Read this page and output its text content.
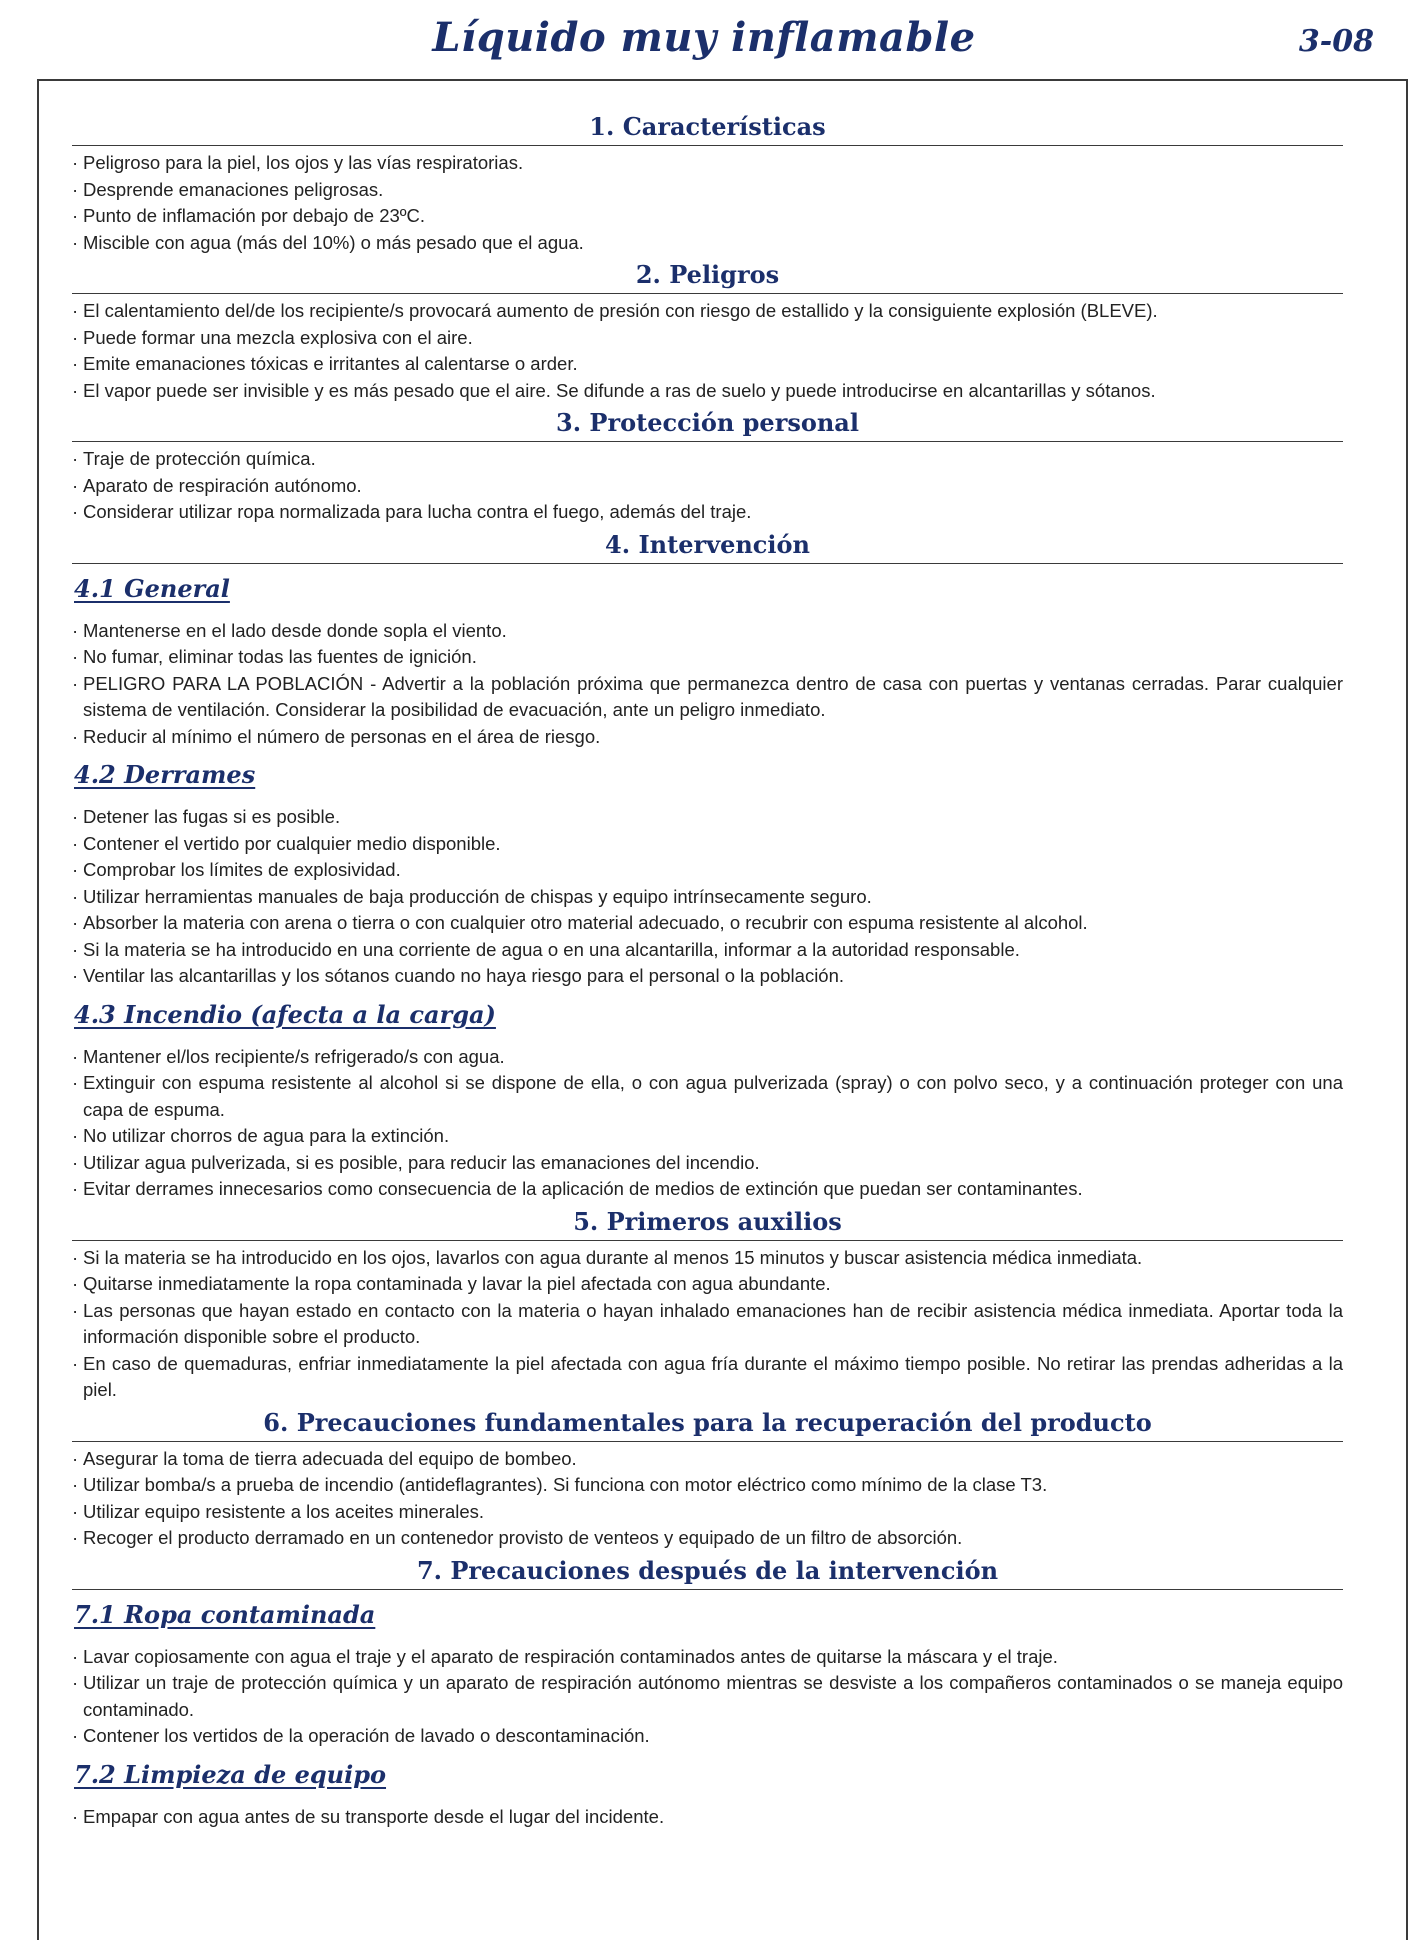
Líquido muy inflamable	3-08
1. Características
· Peligroso para la piel, los ojos y las vías respiratorias.
· Desprende emanaciones peligrosas.
· Punto de inflamación por debajo de 23ºC.
· Miscible con agua (más del 10%) o más pesado que el agua.
2. Peligros
· El calentamiento del/de los recipiente/s provocará aumento de presión con riesgo de estallido y la consiguiente explosión (BLEVE).
· Puede formar una mezcla explosiva con el aire.
· Emite emanaciones tóxicas e irritantes al calentarse o arder.
· El vapor puede ser invisible y es más pesado que el aire. Se difunde a ras de suelo y puede introducirse en alcantarillas y sótanos.
3. Protección personal
· Traje de protección química.
· Aparato de respiración autónomo.
· Considerar utilizar ropa normalizada para lucha contra el fuego, además del traje.
4. Intervención
4.1 General
· Mantenerse en el lado desde donde sopla el viento.
· No fumar, eliminar todas las fuentes de ignición.
· PELIGRO PARA LA POBLACIÓN - Advertir a la población próxima que permanezca dentro de casa con puertas y ventanas cerradas. Parar cualquier sistema de ventilación. Considerar la posibilidad de evacuación, ante un peligro inmediato.
· Reducir al mínimo el número de personas en el área de riesgo.
4.2 Derrames
· Detener las fugas si es posible.
· Contener el vertido por cualquier medio disponible.
· Comprobar los límites de explosividad.
· Utilizar herramientas manuales de baja producción de chispas y equipo intrínsecamente seguro.
· Absorber la materia con arena o tierra o con cualquier otro material adecuado, o recubrir con espuma resistente al alcohol.
· Si la materia se ha introducido en una corriente de agua o en una alcantarilla, informar a la autoridad responsable.
· Ventilar las alcantarillas y los sótanos cuando no haya riesgo para el personal o la población.
4.3 Incendio (afecta a la carga)
· Mantener el/los recipiente/s refrigerado/s con agua.
· Extinguir con espuma resistente al alcohol si se dispone de ella, o con agua pulverizada (spray) o con polvo seco, y a continuación proteger con una capa de espuma.
· No utilizar chorros de agua para la extinción.
· Utilizar agua pulverizada, si es posible, para reducir las emanaciones del incendio.
· Evitar derrames innecesarios como consecuencia de la aplicación de medios de extinción que puedan ser contaminantes.
5. Primeros auxilios
· Si la materia se ha introducido en los ojos, lavarlos con agua durante al menos 15 minutos y buscar asistencia médica inmediata.
· Quitarse inmediatamente la ropa contaminada y lavar la piel afectada con agua abundante.
· Las personas que hayan estado en contacto con la materia o hayan inhalado emanaciones han de recibir asistencia médica inmediata. Aportar toda la información disponible sobre el producto.
· En caso de quemaduras, enfriar inmediatamente la piel afectada con agua fría durante el máximo tiempo posible. No retirar las prendas adheridas a la piel.
6. Precauciones fundamentales para la recuperación del producto
· Asegurar la toma de tierra adecuada del equipo de bombeo.
· Utilizar bomba/s a prueba de incendio (antideflagrantes). Si funciona con motor eléctrico como mínimo de la clase T3.
· Utilizar equipo resistente a los aceites minerales.
· Recoger el producto derramado en un contenedor provisto de venteos y equipado de un filtro de absorción.
7. Precauciones después de la intervención
7.1 Ropa contaminada
· Lavar copiosamente con agua el traje y el aparato de respiración contaminados antes de quitarse la máscara y el traje.
· Utilizar un traje de protección química y un aparato de respiración autónomo mientras se desviste a los compañeros contaminados o se maneja equipo contaminado.
· Contener los vertidos de la operación de lavado o descontaminación.
7.2 Limpieza de equipo
· Empapar con agua antes de su transporte desde el lugar del incidente.
